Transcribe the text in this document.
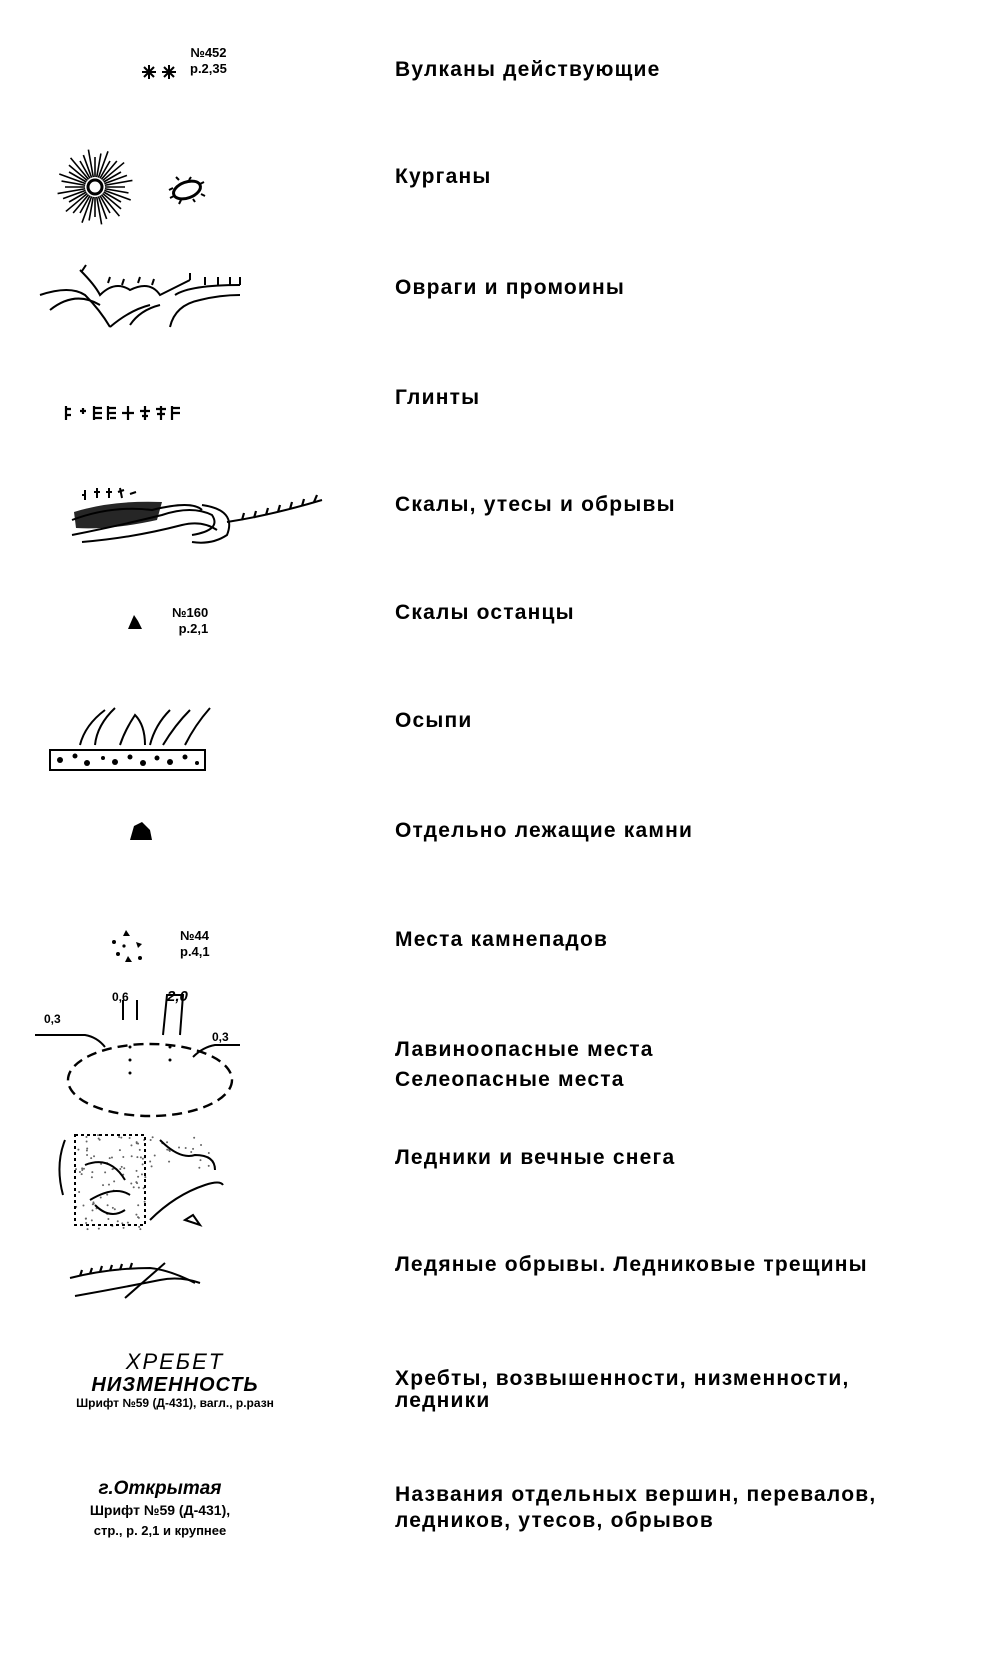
№452
р.2,35	Вулканы действующие
Курганы
Овраги и промоины
Глинты
Скалы, утесы и обрывы
№160
р.2,1
Скалы останцы
Осыпи
Отдельно лежащие камни
№44
р.4,1
Места камнепадов
0,3
0,6	2,0
0,3
Лавиноопасные места
Селеопасные места
Ледники и вечные снега
Ледяные обрывы. Ледниковые трещины
ХРЕБЕТ
НИЗМЕННОСТЬ
Шрифт №59 (Д-431), вагл., р.разн
Хребты, возвышенности, низменности,
ледники
г.Открытая
Шрифт №59 (Д-431),
стр., р. 2,1 и крупнее
Названия отдельных вершин, перевалов,
ледников, утесов, обрывов
